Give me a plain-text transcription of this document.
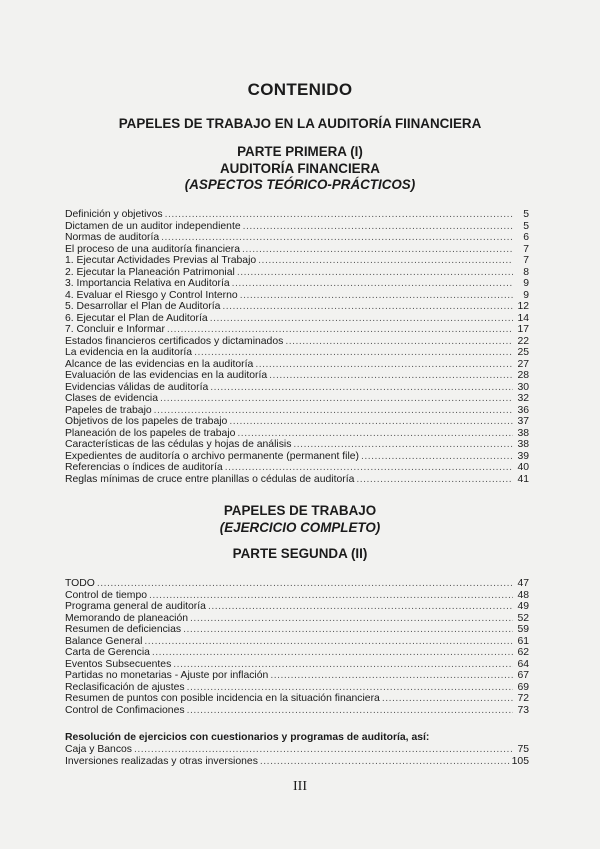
CONTENIDO
PAPELES DE TRABAJO EN LA AUDITORÍA FIINANCIERA
PARTE PRIMERA (I)
AUDITORÍA FINANCIERA
(ASPECTOS TEÓRICO-PRÁCTICOS)
Definición y objetivos .....	5
Dictamen de un auditor independiente .....	5
Normas de auditoría .....	6
El proceso de una auditoría financiera .....	7
1. Ejecutar Actividades Previas al Trabajo .....	7
2. Ejecutar la Planeación Patrimonial .....	8
3. Importancia Relativa en Auditoría .....	9
4. Evaluar el Riesgo y Control Interno .....	9
5. Desarrollar el Plan de Auditoría .....	12
6. Ejecutar el Plan de Auditoría .....	14
7. Concluir e Informar .....	17
Estados financieros certificados y dictaminados .....	22
La evidencia en la auditoría .....	25
Alcance de las evidencias en la auditoría .....	27
Evaluación de las evidencias en la auditoría .....	28
Evidencias válidas de auditoría .....	30
Clases de evidencia .....	32
Papeles de trabajo .....	36
Objetivos de los papeles de trabajo .....	37
Planeación de los papeles de trabajo .....	38
Características de las cédulas y hojas de análisis .....	38
Expedientes de auditoría o archivo permanente (permanent file) .....	39
Referencias o índices de auditoría .....	40
Reglas mínimas de cruce entre planillas o cédulas de auditoría .....	41
PAPELES DE TRABAJO
(EJERCICIO COMPLETO)
PARTE SEGUNDA (II)
TODO .....	47
Control de tiempo .....	48
Programa general de auditoría .....	49
Memorando de planeación .....	52
Resumen de deficiencias .....	59
Balance General .....	61
Carta de Gerencia .....	62
Eventos Subsecuentes .....	64
Partidas no monetarias - Ajuste por inflación .....	67
Reclasificación de ajustes .....	69
Resumen de puntos con posible incidencia en la situación financiera .....	72
Control de Confimaciones .....	73
Resolución de ejercicios con cuestionarios y programas de auditoría, así:
Caja y Bancos .....	75
Inversiones realizadas y otras inversiones .....	105
III
